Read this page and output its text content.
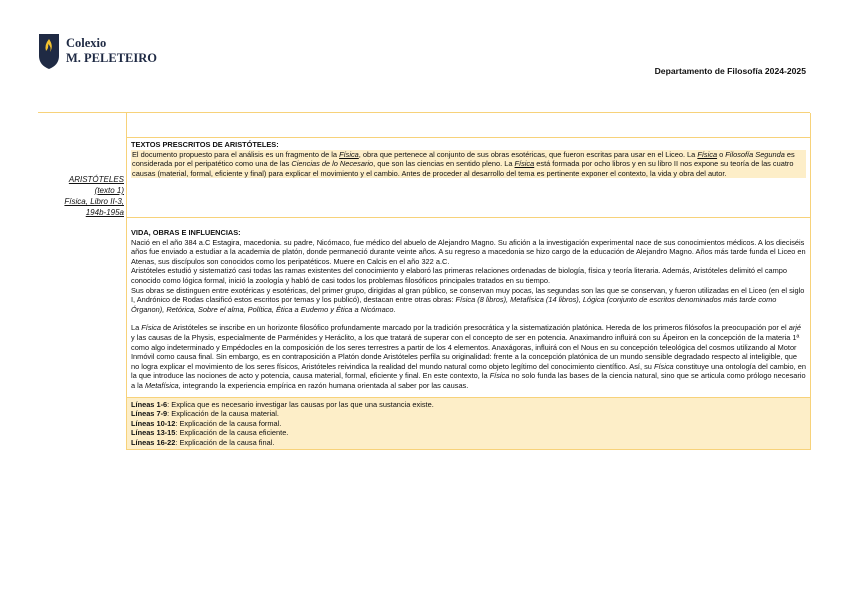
Colexio
M. PELETEIRO
Departamento de Filosofía 2024-2025
ARISTÓTELES
(texto 1)
Física, Libro II-3,
194b-195a

TEXTOS PRESCRITOS DE ARISTÓTELES:

El documento propuesto para el análisis es un fragmento de la Física, obra que pertenece al conjunto de sus obras esotéricas, que fueron escritas para usar en el Liceo. La Física o Filosofía Segunda es considerada por el peripatético como una de las Ciencias de lo Necesario, que son las ciencias en sentido pleno. La Física está formada por ocho libros y en su libro II nos expone su teoría de las cuatro causas (material, formal, eficiente y final) para explicar el movimiento y el cambio. Antes de proceder al desarrollo del tema es pertinente exponer el contexto, la vida y obra del autor.

VIDA, OBRAS E INFLUENCIAS:

Nació en el año 384 a.C Estagira, macedonia. su padre, Nicómaco, fue médico del abuelo de Alejandro Magno. Su afición a la investigación experimental nace de sus conocimientos médicos. A los dieciséis años fue enviado a estudiar a la academia de platón, donde permaneció durante veinte años. A su regreso a macedonia se hizo cargo de la educación de Alejandro Magno. Años más tarde funda el Liceo en Atenas, sus discípulos son conocidos como los peripatéticos. Muere en Calcis en el año 322 a.C.

Aristóteles estudió y sistematizó casi todas las ramas existentes del conocimiento y elaboró las primeras relaciones ordenadas de biología, física y teoría literaria. Además, Aristóteles delimitó el campo conocido como lógica formal, inició la zoología y habló de casi todos los problemas filosóficos principales tratados en su tiempo.

Sus obras se distinguen entre exotéricas y esotéricas, del primer grupo, dirigidas al gran público, se conservan muy pocas, las segundas son las que se conservan, y fueron utilizadas en el Liceo (en el siglo I, Andrónico de Rodas clasificó estos escritos por temas y los publicó), destacan entre otras obras: Física (8 libros), Metafísica (14 libros), Lógica (conjunto de escritos denominados más tarde como Órganon), Retórica, Sobre el alma, Política, Ética a Eudemo y Ética a Nicómaco.

La Física de Aristóteles se inscribe en un horizonte filosófico profundamente marcado por la tradición presocrática y la sistematización platónica. Hereda de los primeros filósofos la preocupación por el arjé y las causas de la Physis, especialmente de Parménides y Heráclito, a los que tratará de superar con el concepto de ser en potencia. Anaximandro influirá con su Ápeiron en la concepción de la materia 1ª como algo indeterminado y Empédocles en la composición de los seres terrestres a partir de los 4 elementos. Anaxágoras, influirá con el Nous en su concepción teleológica del cosmos utilizando al Motor Inmóvil como causa final. Sin embargo, es en contraposición a Platón donde Aristóteles perfila su originalidad: frente a la concepción platónica de un mundo sensible degradado respecto al inteligible, que no logra explicar el movimiento de los seres físicos, Aristóteles reivindica la realidad del mundo natural como objeto legítimo del conocimiento científico. Así, su Física constituye una ontología del cambio, en la que introduce las nociones de acto y potencia, causa material, formal, eficiente y final. En este contexto, la Física no solo funda las bases de la ciencia natural, sino que se articula como prólogo necesario a la Metafísica, integrando la experiencia empírica en razón humana orientada al saber por las causas.

Líneas 1-6: Explica que es necesario investigar las causas por las que una sustancia existe.

Líneas 7-9: Explicación de la causa material.

Líneas 10-12: Explicación de la causa formal.

Líneas 13-15: Explicación de la causa eficiente.

Líneas 16-22: Explicación de la causa final.
